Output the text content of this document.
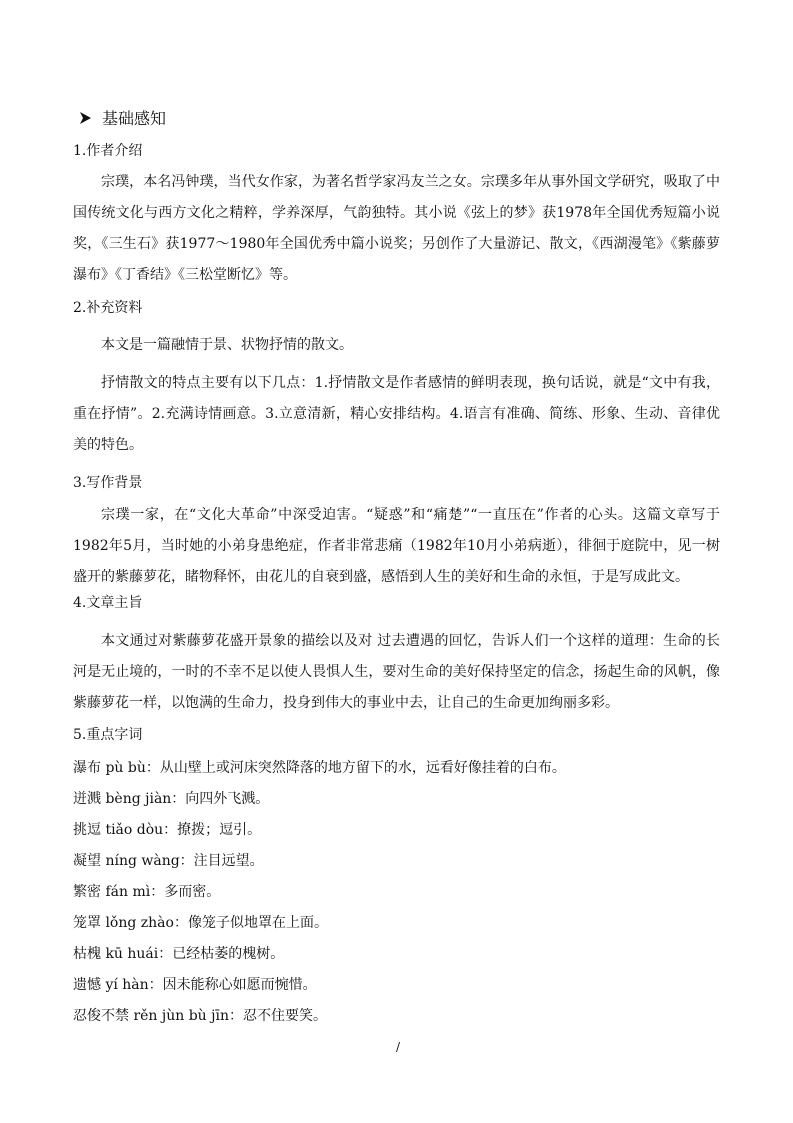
基础感知
1.作者介绍
宗璞，本名冯钟璞，当代女作家，为著名哲学家冯友兰之女。宗璞多年从事外国文学研究，吸取了中国传统文化与西方文化之精粹，学养深厚，气韵独特。其小说《弦上的梦》获1978年全国优秀短篇小说奖，《三生石》获1977～1980年全国优秀中篇小说奖；另创作了大量游记、散文，《西湖漫笔》《紫藤萝瀑布》《丁香结》《三松堂断忆》等。
2.补充资料
本文是一篇融情于景、状物抒情的散文。
抒情散文的特点主要有以下几点：1.抒情散文是作者感情的鲜明表现，换句话说，就是“文中有我，重在抒情”。2.充满诗情画意。3.立意清新，精心安排结构。4.语言有准确、简练、形象、生动、音律优美的特色。
3.写作背景
宗璞一家，在“文化大革命”中深受迫害。“疑惑”和“痛楚”“一直压在”作者的心头。这篇文章写于1982年5月，当时她的小弟身患绝症，作者非常悲痛（1982年10月小弟病逝），徘徊于庭院中，见一树盛开的紫藤萝花，睹物释怀，由花儿的自衰到盛，感悟到人生的美好和生命的永恒，于是写成此文。
4.文章主旨
本文通过对紫藤萝花盛开景象的描绘以及对 过去遭遇的回忆，告诉人们一个这样的道理：生命的长河是无止境的，一时的不幸不足以使人畏惧人生，要对生命的美好保持坚定的信念，扬起生命的风帆，像紫藤萝花一样，以饱满的生命力，投身到伟大的事业中去，让自己的生命更加绚丽多彩。
5.重点字词
瀑布 pù bù：从山壁上或河床突然降落的地方留下的水，远看好像挂着的白布。
迸溅 bèng jiàn：向四外飞溅。
挑逗 tiǎo dòu：撩拨；逗引。
凝望 níng wàng：注目远望。
繁密 fán mì：多而密。
笼罩 lǒng zhào：像笼子似地罩在上面。
枯槐 kū huái：已经枯萎的槐树。
遗憾 yí hàn：因未能称心如愿而惋惜。
忍俊不禁 rěn jùn bù jīn：忍不住要笑。
/
